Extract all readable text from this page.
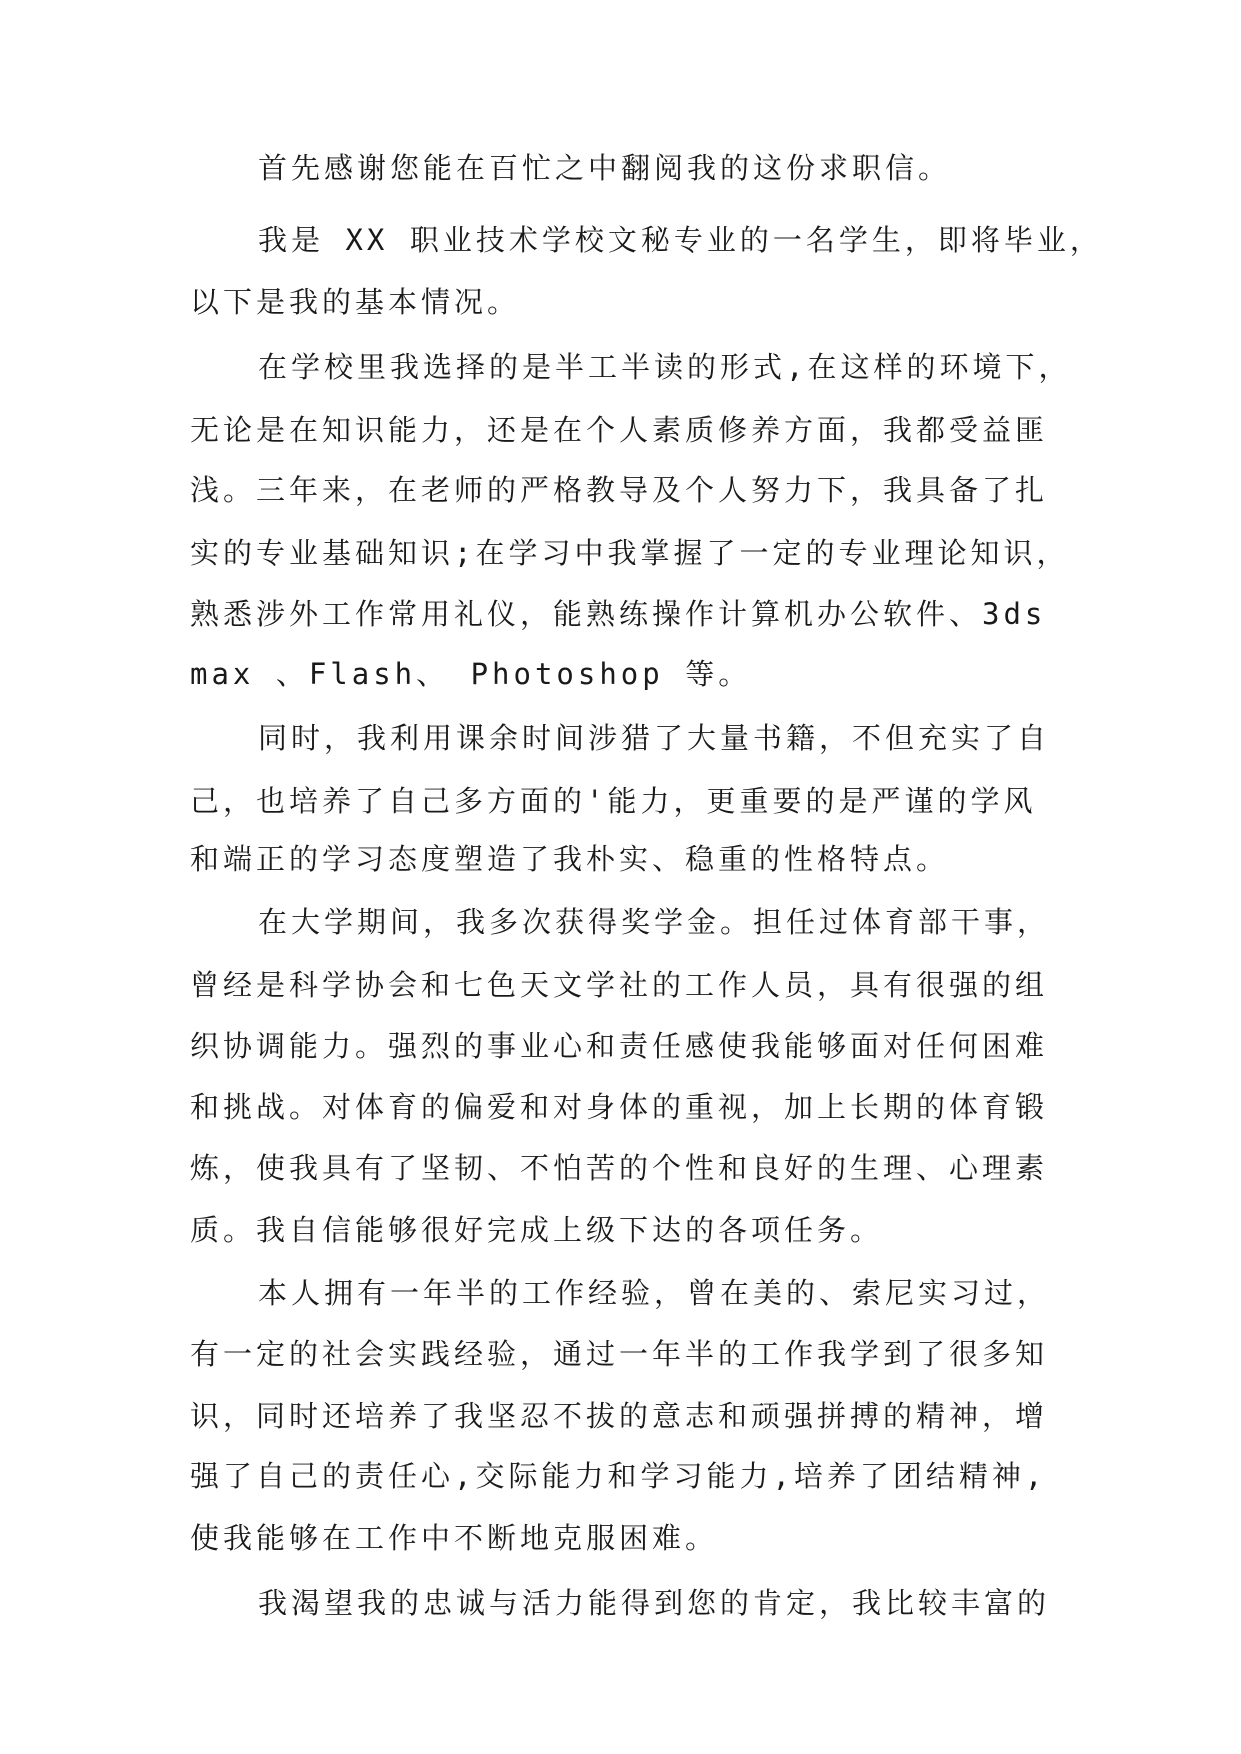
首先感谢您能在百忙之中翻阅我的这份求职信。

我是 XX 职业技术学校文秘专业的一名学生，即将毕业，

以下是我的基本情况。

在学校里我选择的是半工半读的形式,在这样的环境下，

无论是在知识能力，还是在个人素质修养方面，我都受益匪

浅。三年来，在老师的严格教导及个人努力下，我具备了扎

实的专业基础知识;在学习中我掌握了一定的专业理论知识，

熟悉涉外工作常用礼仪，能熟练操作计算机办公软件、3ds

max 、Flash、 Photoshop 等。

同时，我利用课余时间涉猎了大量书籍，不但充实了自

己，也培养了自己多方面的'能力，更重要的是严谨的学风

和端正的学习态度塑造了我朴实、稳重的性格特点。

在大学期间，我多次获得奖学金。担任过体育部干事，

曾经是科学协会和七色天文学社的工作人员，具有很强的组

织协调能力。强烈的事业心和责任感使我能够面对任何困难

和挑战。对体育的偏爱和对身体的重视，加上长期的体育锻

炼，使我具有了坚韧、不怕苦的个性和良好的生理、心理素

质。我自信能够很好完成上级下达的各项任务。

本人拥有一年半的工作经验，曾在美的、索尼实习过，

有一定的社会实践经验，通过一年半的工作我学到了很多知

识，同时还培养了我坚忍不拔的意志和顽强拼搏的精神，增

强了自己的责任心,交际能力和学习能力,培养了团结精神,

使我能够在工作中不断地克服困难。

我渴望我的忠诚与活力能得到您的肯定，我比较丰富的
